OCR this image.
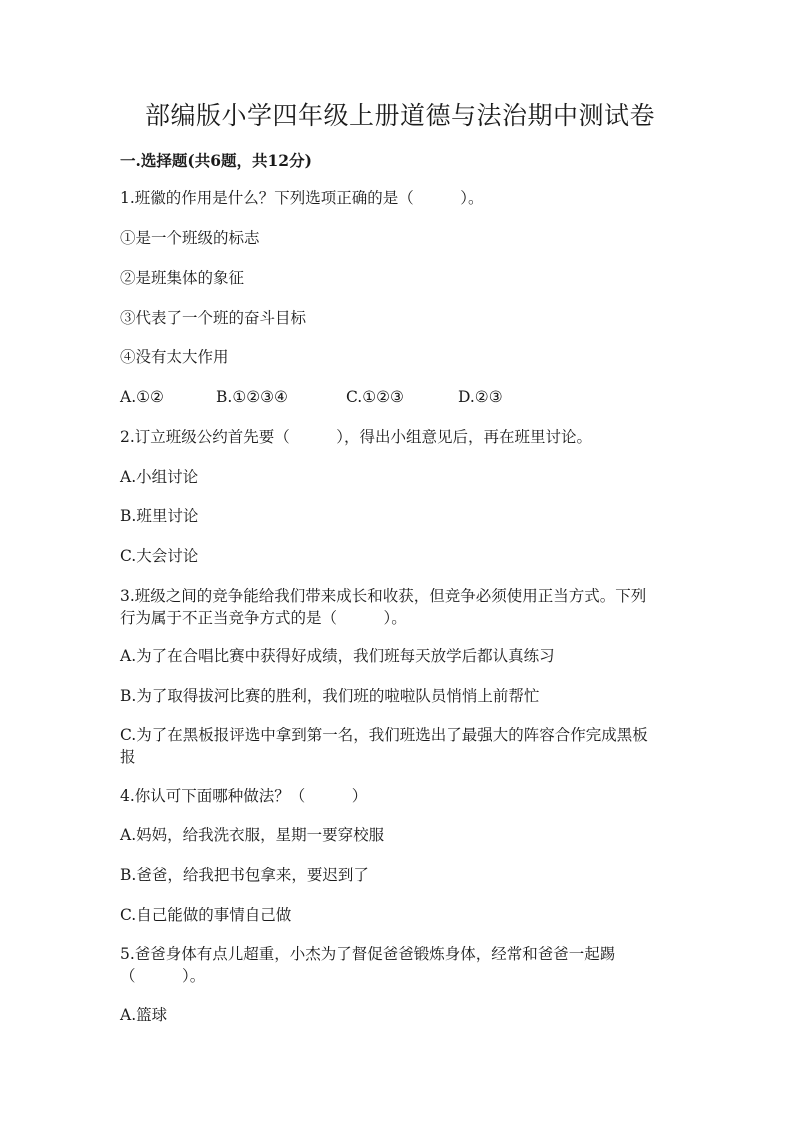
部编版小学四年级上册道德与法治期中测试卷
一.选择题(共6题，共12分)
1.班徽的作用是什么？下列选项正确的是（　　　）。
①是一个班级的标志
②是班集体的象征
③代表了一个班的奋斗目标
④没有太大作用
A.①②	B.①②③④	C.①②③	D.②③
2.订立班级公约首先要（　　　），得出小组意见后，再在班里讨论。
A.小组讨论
B.班里讨论
C.大会讨论
3.班级之间的竞争能给我们带来成长和收获，但竞争必须使用正当方式。下列
行为属于不正当竞争方式的是（　　　）。
A.为了在合唱比赛中获得好成绩，我们班每天放学后都认真练习
B.为了取得拔河比赛的胜利，我们班的啦啦队员悄悄上前帮忙
C.为了在黑板报评选中拿到第一名，我们班选出了最强大的阵容合作完成黑板
报
4.你认可下面哪种做法？（　　　）
A.妈妈，给我洗衣服，星期一要穿校服
B.爸爸，给我把书包拿来，要迟到了
C.自己能做的事情自己做
5.爸爸身体有点儿超重，小杰为了督促爸爸锻炼身体，经常和爸爸一起踢
（　　　）。
A.篮球
